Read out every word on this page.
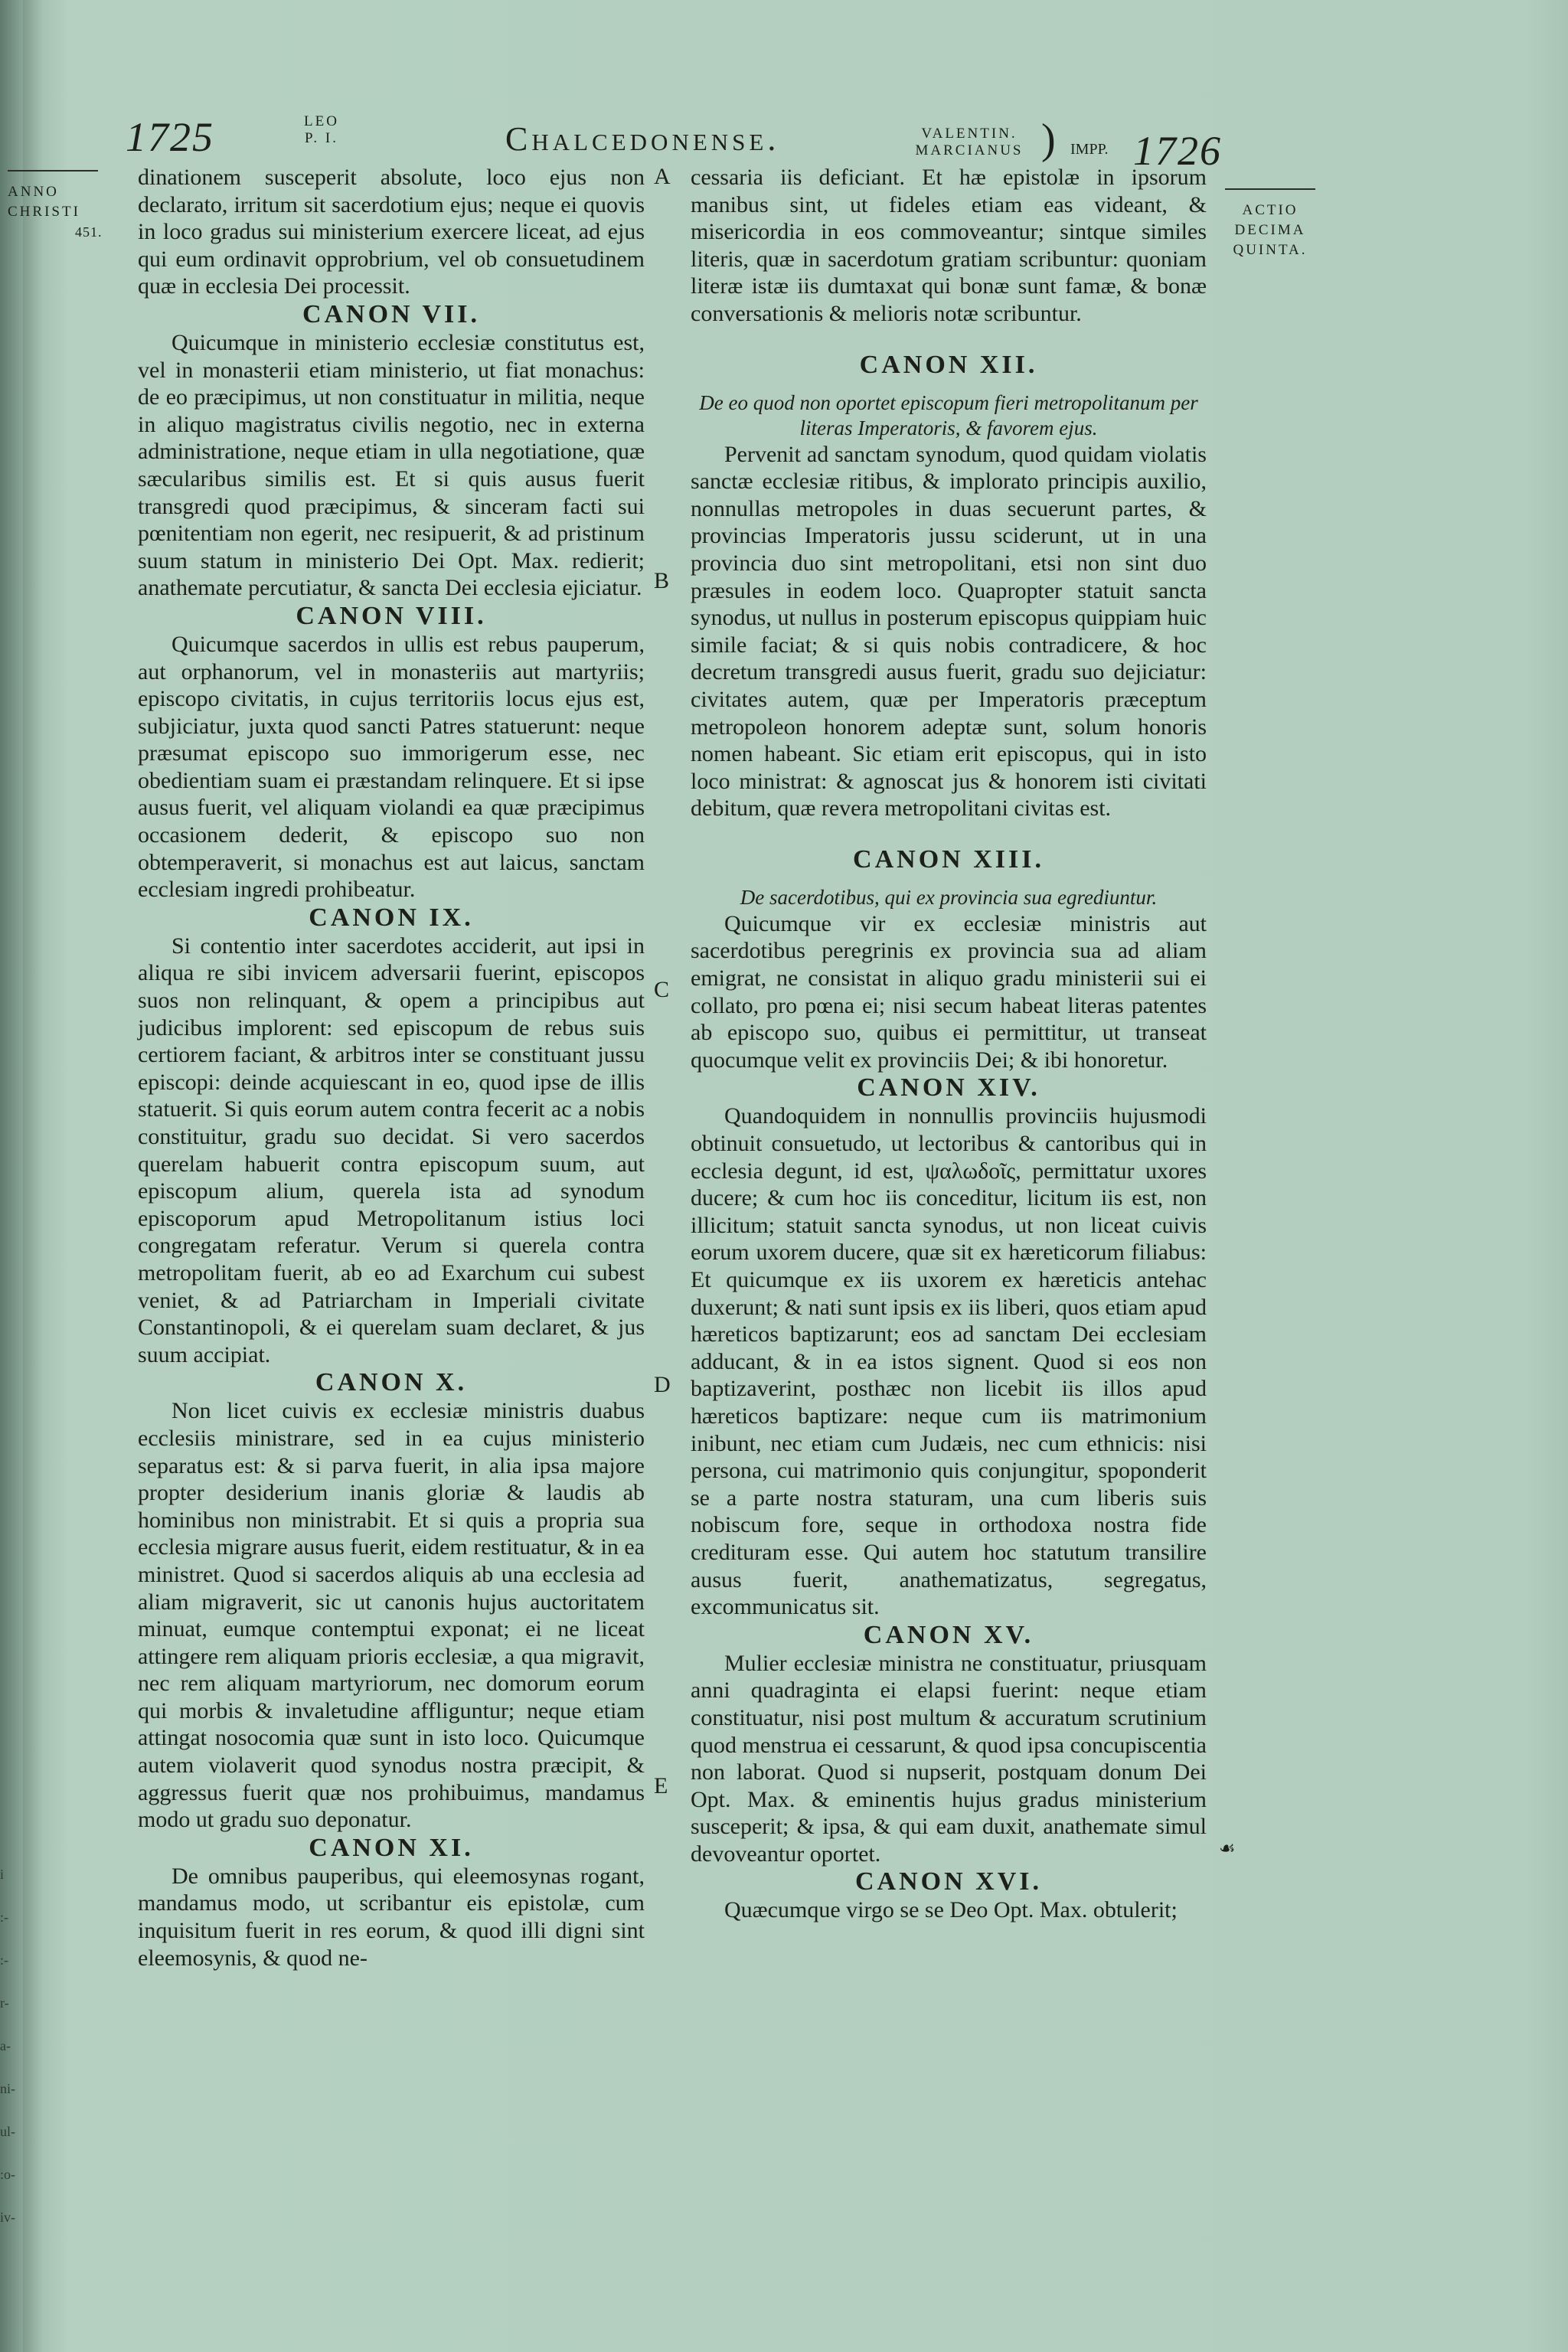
i
:-
:-
r-
a-
ni-
ul-
:o-
iv-
1725	LEO
P. I.	Chalcedonense.	VALENTIN.
MARCIANUS ) IMPP. 1726

ANNO
CHRISTI

451.

ACTIO
DECIMA
QUINTA.
A
B
C
D
E
☙

dinationem susceperit absolute, loco ejus non declarato, irritum sit sacerdotium ejus; neque ei quovis in loco gradus sui ministerium exercere liceat, ad ejus qui eum ordinavit opprobrium, vel ob consuetudinem quæ in ecclesia Dei processit.

CANON VII.

Quicumque in ministerio ecclesiæ constitutus est, vel in monasterii etiam ministerio, ut fiat monachus: de eo præcipimus, ut non constituatur in militia, neque in aliquo magistratus civilis negotio, nec in externa administratione, neque etiam in ulla negotiatione, quæ sæcularibus similis est. Et si quis ausus fuerit transgredi quod præcipimus, & sinceram facti sui pœnitentiam non egerit, nec resipuerit, & ad pristinum suum statum in ministerio Dei Opt. Max. redierit; anathemate percutiatur, & sancta Dei ecclesia ejiciatur.

CANON VIII.

Quicumque sacerdos in ullis est rebus pauperum, aut orphanorum, vel in monasteriis aut martyriis; episcopo civitatis, in cujus territoriis locus ejus est, subjiciatur, juxta quod sancti Patres statuerunt: neque præsumat episcopo suo immorigerum esse, nec obedientiam suam ei præstandam relinquere. Et si ipse ausus fuerit, vel aliquam violandi ea quæ præcipimus occasionem dederit, & episcopo suo non obtemperaverit, si monachus est aut laicus, sanctam ecclesiam ingredi prohibeatur.

CANON IX.

Si contentio inter sacerdotes acciderit, aut ipsi in aliqua re sibi invicem adversarii fuerint, episcopos suos non relinquant, & opem a principibus aut judicibus implorent: sed episcopum de rebus suis certiorem faciant, & arbitros inter se constituant jussu episcopi: deinde acquiescant in eo, quod ipse de illis statuerit. Si quis eorum autem contra fecerit ac a nobis constituitur, gradu suo decidat. Si vero sacerdos querelam habuerit contra episcopum suum, aut episcopum alium, querela ista ad synodum episcoporum apud Metropolitanum istius loci congregatam referatur. Verum si querela contra metropolitam fuerit, ab eo ad Exarchum cui subest veniet, & ad Patriarcham in Imperiali civitate Constantinopoli, & ei querelam suam declaret, & jus suum accipiat.

CANON X.

Non licet cuivis ex ecclesiæ ministris duabus ecclesiis ministrare, sed in ea cujus ministerio separatus est: & si parva fuerit, in alia ipsa majore propter desiderium inanis gloriæ & laudis ab hominibus non ministrabit. Et si quis a propria sua ecclesia migrare ausus fuerit, eidem restituatur, & in ea ministret. Quod si sacerdos aliquis ab una ecclesia ad aliam migraverit, sic ut canonis hujus auctoritatem minuat, eumque contemptui exponat; ei ne liceat attingere rem aliquam prioris ecclesiæ, a qua migravit, nec rem aliquam martyriorum, nec domorum eorum qui morbis & invaletudine affliguntur; neque etiam attingat nosocomia quæ sunt in isto loco. Quicumque autem violaverit quod synodus nostra præcipit, & aggressus fuerit quæ nos prohibuimus, mandamus modo ut gradu suo deponatur.

CANON XI.

De omnibus pauperibus, qui eleemosynas rogant, mandamus modo, ut scribantur eis epistolæ, cum inquisitum fuerit in res eorum, & quod illi digni sint eleemosynis, & quod ne-

cessaria iis deficiant. Et hæ epistolæ in ipsorum manibus sint, ut fideles etiam eas videant, & misericordia in eos commoveantur; sintque similes literis, quæ in sacerdotum gratiam scribuntur: quoniam literæ istæ iis dumtaxat qui bonæ sunt famæ, & bonæ conversationis & melioris notæ scribuntur.

CANON XII.

De eo quod non oportet episcopum fieri metropolitanum per literas Imperatoris, & favorem ejus.

Pervenit ad sanctam synodum, quod quidam violatis sanctæ ecclesiæ ritibus, & implorato principis auxilio, nonnullas metropoles in duas secuerunt partes, & provincias Imperatoris jussu sciderunt, ut in una provincia duo sint metropolitani, etsi non sint duo præsules in eodem loco. Quapropter statuit sancta synodus, ut nullus in posterum episcopus quippiam huic simile faciat; & si quis nobis contradicere, & hoc decretum transgredi ausus fuerit, gradu suo dejiciatur: civitates autem, quæ per Imperatoris præceptum metropoleon honorem adeptæ sunt, solum honoris nomen habeant. Sic etiam erit episcopus, qui in isto loco ministrat: & agnoscat jus & honorem isti civitati debitum, quæ revera metropolitani civitas est.

CANON XIII.

De sacerdotibus, qui ex provincia sua egrediuntur.

Quicumque vir ex ecclesiæ ministris aut sacerdotibus peregrinis ex provincia sua ad aliam emigrat, ne consistat in aliquo gradu ministerii sui ei collato, pro pœna ei; nisi secum habeat literas patentes ab episcopo suo, quibus ei permittitur, ut transeat quocumque velit ex provinciis Dei; & ibi honoretur.

CANON XIV.

Quandoquidem in nonnullis provinciis hujusmodi obtinuit consuetudo, ut lectoribus & cantoribus qui in ecclesia degunt, id est, ψαλωδοῖς, permittatur uxores ducere; & cum hoc iis conceditur, licitum iis est, non illicitum; statuit sancta synodus, ut non liceat cuivis eorum uxorem ducere, quæ sit ex hæreticorum filiabus: Et quicumque ex iis uxorem ex hæreticis antehac duxerunt; & nati sunt ipsis ex iis liberi, quos etiam apud hæreticos baptizarunt; eos ad sanctam Dei ecclesiam adducant, & in ea istos signent. Quod si eos non baptizaverint, posthæc non licebit iis illos apud hæreticos baptizare: neque cum iis matrimonium inibunt, nec etiam cum Judæis, nec cum ethnicis: nisi persona, cui matrimonio quis conjungitur, spoponderit se a parte nostra staturam, una cum liberis suis nobiscum fore, seque in orthodoxa nostra fide credituram esse. Qui autem hoc statutum transilire ausus fuerit, anathematizatus, segregatus, excommunicatus sit.

CANON XV.

Mulier ecclesiæ ministra ne constituatur, priusquam anni quadraginta ei elapsi fuerint: neque etiam constituatur, nisi post multum & accuratum scrutinium quod menstrua ei cessarunt, & quod ipsa concupiscentia non laborat. Quod si nupserit, postquam donum Dei Opt. Max. & eminentis hujus gradus ministerium susceperit; & ipsa, & qui eam duxit, anathemate simul devoveantur oportet.

CANON XVI.

Quæcumque virgo se se Deo Opt. Max. obtulerit;
